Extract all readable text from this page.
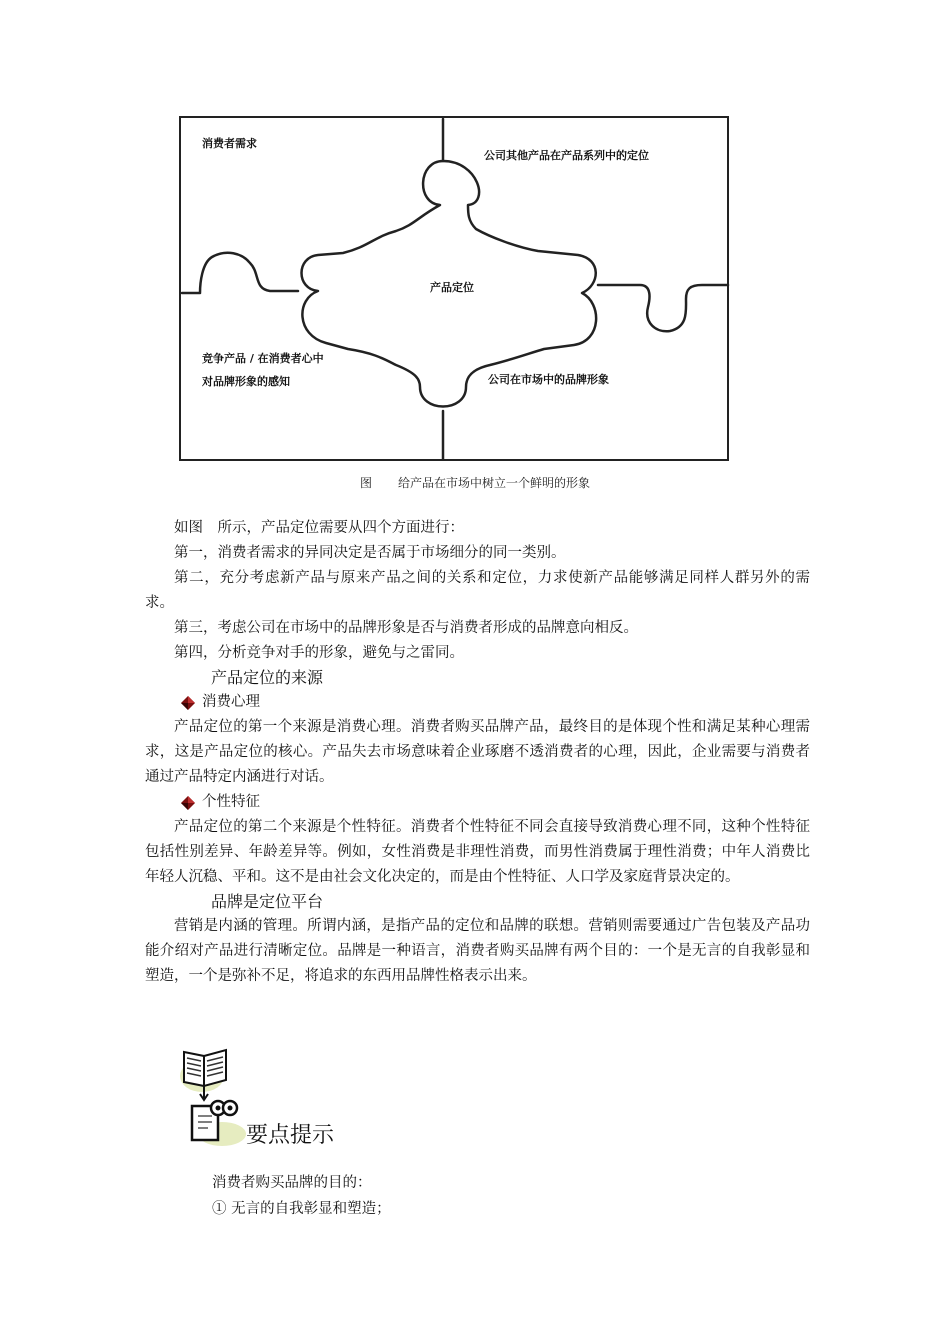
消费者需求
公司其他产品在产品系列中的定位
产品定位
竞争产品 / 在消费者心中
对品牌形象的感知	公司在市场中的品牌形象
图 给产品在市场中树立一个鲜明的形象

如图　所示，产品定位需要从四个方面进行：

第一，消费者需求的异同决定是否属于市场细分的同一类别。

第二，充分考虑新产品与原来产品之间的关系和定位，力求使新产品能够满足同样人群另外的需求。

第三，考虑公司在市场中的品牌形象是否与消费者形成的品牌意向相反。

第四，分析竞争对手的形象，避免与之雷同。

产品定位的来源
消费心理

产品定位的第一个来源是消费心理。消费者购买品牌产品，最终目的是体现个性和满足某种心理需求，这是产品定位的核心。产品失去市场意味着企业琢磨不透消费者的心理，因此，企业需要与消费者通过产品特定内涵进行对话。

个性特征

产品定位的第二个来源是个性特征。消费者个性特征不同会直接导致消费心理不同，这种个性特征包括性别差异、年龄差异等。例如，女性消费是非理性消费，而男性消费属于理性消费；中年人消费比年轻人沉稳、平和。这不是由社会文化决定的，而是由个性特征、人口学及家庭背景决定的。

品牌是定位平台

营销是内涵的管理。所谓内涵，是指产品的定位和品牌的联想。营销则需要通过广告包装及产品功能介绍对产品进行清晰定位。品牌是一种语言，消费者购买品牌有两个目的：一个是无言的自我彰显和塑造，一个是弥补不足，将追求的东西用品牌性格表示出来。

要点提示
消费者购买品牌的目的：
① 无言的自我彰显和塑造；
